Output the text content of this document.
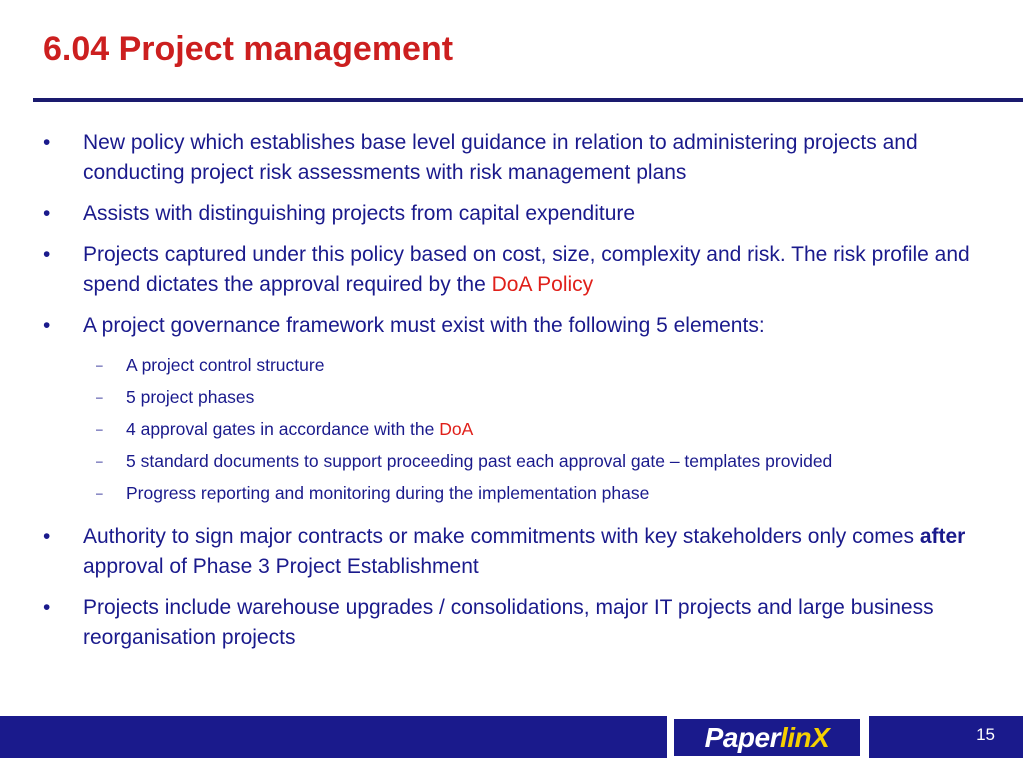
6.04 Project management
• New policy which establishes base level guidance in relation to administering projects and conducting project risk assessments with risk management plans
• Assists with distinguishing projects from capital expenditure
• Projects captured under this policy based on cost, size, complexity and risk. The risk profile and spend dictates the approval required by the DoA Policy
• A project governance framework must exist with the following 5 elements:
– A project control structure
– 5 project phases
– 4 approval gates in accordance with the DoA
– 5 standard documents to support proceeding past each approval gate – templates provided
– Progress reporting and monitoring during the implementation phase
• Authority to sign major contracts or make commitments with key stakeholders only comes after approval of Phase 3 Project Establishment
• Projects include warehouse upgrades / consolidations, major IT projects and large business reorganisation projects
Paper linX	15
